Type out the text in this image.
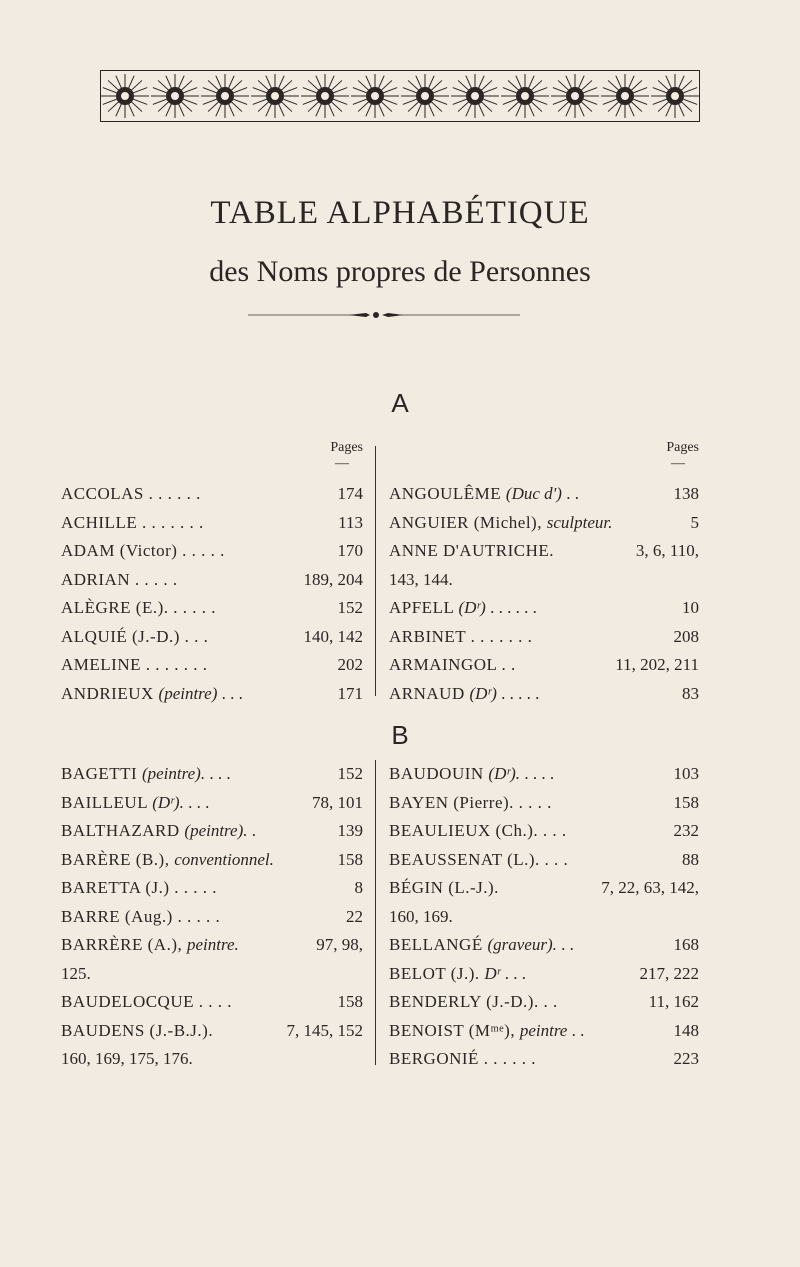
TABLE ALPHABÉTIQUE
des Noms propres de Personnes
A
Pages
—
ACCOLAS . . . . . .	174
ACHILLE . . . . . . .	113
ADAM (Victor) . . . . .	170
ADRIAN . . . . .	189, 204
ALÈGRE (E.). . . . . .	152
ALQUIÉ (J.-D.) . . .	140, 142
AMELINE . . . . . . .	202
ANDRIEUX (peintre) . . .	171
Pages
—
ANGOULÊME (Duc d') . .	138
ANGUIER (Michel), sculpteur.	5
ANNE D'AUTRICHE.	3, 6, 110,
143, 144.
APFELL (Dʳ) . . . . . .	10
ARBINET . . . . . . .	208
ARMAINGOL . .	11, 202, 211
ARNAUD (Dʳ) . . . . .	83
B
BAGETTI (peintre). . . .	152
BAILLEUL (Dʳ). . . .	78, 101
BALTHAZARD (peintre). .	139
BARÈRE (B.), conventionnel.	158
BARETTA (J.) . . . . .	8
BARRE (Aug.) . . . . .	22
BARRÈRE (A.), peintre.	97, 98,
125.
BAUDELOCQUE . . . .	158
BAUDENS (J.-B.J.).	7, 145, 152
160, 169, 175, 176.
BAUDOUIN (Dʳ). . . . .	103
BAYEN (Pierre). . . . .	158
BEAULIEUX (Ch.). . . .	232
BEAUSSENAT (L.). . . .	88
BÉGIN (L.-J.).	7, 22, 63, 142,
160, 169.
BELLANGÉ (graveur). . .	168
BELOT (J.). Dʳ . . .	217, 222
BENDERLY (J.-D.). . .	11, 162
BENOIST (Mᵐᵉ), peintre . .	148
BERGONIÉ . . . . . .	223
